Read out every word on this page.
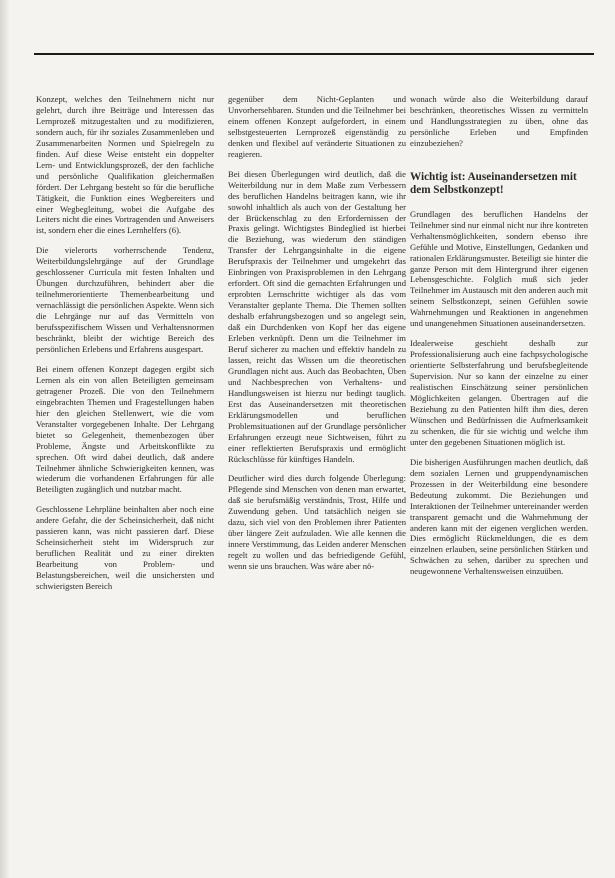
Konzept, welches den Teilnehmern nicht nur gelehrt, durch ihre Beiträge und Interessen das Lernprozeß mitzugestalten und zu modifizieren, sondern auch, für ihr soziales Zusammenleben und Zusammenarbeiten Normen und Spielregeln zu finden. Auf diese Weise entsteht ein doppelter Lern- und Entwicklungsprozeß, der den fachliche und persönliche Qualifikation gleichermaßen fördert. Der Lehrgang besteht so für die berufliche Tätigkeit, die Funktion eines Wegbereiters und einer Wegbegleitung, wobei die Aufgabe des Leiters nicht die eines Vortragenden und Anweisers ist, sondern eher die eines Lernhelfers (6).

Die vielerorts vorherrschende Tendenz, Weiterbildungslehrgänge auf der Grundlage geschlossener Curricula mit festen Inhalten und Übungen durchzuführen, behindert aber die teilnehmerorientierte Themenbearbeitung und vernachlässigt die persönlichen Aspekte. Wenn sich die Lehrgänge nur auf das Vermitteln von berufsspezifischem Wissen und Verhaltensnormen beschränkt, bleibt der wichtige Bereich des persönlichen Erlebens und Erfahrens ausgespart.

Bei einem offenen Konzept dagegen ergibt sich Lernen als ein von allen Beteiligten gemeinsam getragener Prozeß. Die von den Teilnehmern eingebrachten Themen und Fragestellungen haben hier den gleichen Stellenwert, wie die vom Veranstalter vorgegebenen Inhalte. Der Lehrgang bietet so Gelegenheit, themenbezogen über Probleme, Ängste und Arbeitskonflikte zu sprechen. Oft wird dabei deutlich, daß andere Teilnehmer ähnliche Schwierigkeiten kennen, was wiederum die vorhandenen Erfahrungen für alle Beteiligten zugänglich und nutzbar macht.

Geschlossene Lehrpläne beinhalten aber noch eine andere Gefahr, die der Scheinsicherheit, daß nicht passieren kann, was nicht passieren darf. Diese Scheinsicherheit steht im Widerspruch zur beruflichen Realität und zu einer direkten Bearbeitung von Problem- und Belastungsbereichen, weil die unsichersten und schwierigsten Bereich

gegenüber dem Nicht-Geplanten und Unvorhersehbaren. Stunden und die Teilnehmer bei einem offenen Konzept aufgefordert, in einem selbstgesteuerten Lernprozeß eigenständig zu denken und flexibel auf veränderte Situationen zu reagieren.

Bei diesen Überlegungen wird deutlich, daß die Weiterbildung nur in dem Maße zum Verbessern des beruflichen Handelns beitragen kann, wie ihr sowohl inhaltlich als auch von der Gestaltung her der Brückenschlag zu den Erfordernissen der Praxis gelingt. Wichtigstes Bindeglied ist hierbei die Beziehung, was wiederum den ständigen Transfer der Lehrgangsinhalte in die eigene Berufspraxis der Teilnehmer und umgekehrt das Einbringen von Praxisproblemen in den Lehrgang erfordert. Oft sind die gemachten Erfahrungen und erprobten Lernschritte wichtiger als das vom Veranstalter geplante Thema. Die Themen sollten deshalb erfahrungsbezogen und so angelegt sein, daß ein Durchdenken von Kopf her das eigene Erleben verknüpft. Denn um die Teilnehmer im Beruf sicherer zu machen und effektiv handeln zu lassen, reicht das Wissen um die theoretischen Grundlagen nicht aus. Auch das Beobachten, Üben und Nachbesprechen von Verhaltens- und Handlungsweisen ist hierzu nur bedingt tauglich. Erst das Auseinandersetzen mit theoretischen Erklärungsmodellen und beruflichen Problemsituationen auf der Grundlage persönlicher Erfahrungen erzeugt neue Sichtweisen, führt zu einer reflektierten Berufspraxis und ermöglicht Rückschlüsse für künftiges Handeln.

Deutlicher wird dies durch folgende Überlegung: Pflegende sind Menschen von denen man erwartet, daß sie berufsmäßig verständnis, Trost, Hilfe und Zuwendung geben. Und tatsächlich neigen sie dazu, sich viel von den Problemen ihrer Patienten über längere Zeit aufzuladen. Wie alle kennen die innere Verstimmung, das Leiden anderer Menschen regelt zu wollen und das befriedigende Gefühl, wenn sie uns brauchen. Was wäre aber nö-

wonach würde also die Weiterbildung darauf beschränken, theoretisches Wissen zu vermitteln und Handlungsstrategien zu üben, ohne das persönliche Erleben und Empfinden einzubeziehen?

Wichtig ist: Auseinandersetzen mit dem Selbstkonzept!

Grundlagen des beruflichen Handelns der Teilnehmer sind nur einmal nicht nur ihre kontreten Verhaltensmöglichkeiten, sondern ebenso ihre Gefühle und Motive, Einstellungen, Gedanken und rationalen Erklärungsmuster. Beteiligt sie hinter die ganze Person mit dem Hintergrund ihrer eigenen Lebensgeschichte. Folglich muß sich jeder Teilnehmer im Austausch mit den anderen auch mit seinem Selbstkonzept, seinen Gefühlen sowie Wahrnehmungen und Reaktionen in angenehmen und unangenehmen Situationen auseinandersetzen.

Idealerweise geschieht deshalb zur Professionalisierung auch eine fachpsychologische orientierte Selbsterfahrung und berufsbegleitende Supervision. Nur so kann der einzelne zu einer realistischen Einschätzung seiner persönlichen Möglichkeiten gelangen. Übertragen auf die Beziehung zu den Patienten hilft ihm dies, deren Wünschen und Bedürfnissen die Aufmerksamkeit zu schenken, die für sie wichtig und welche ihm unter den gegebenen Situationen möglich ist.

Die bisherigen Ausführungen machen deutlich, daß dem sozialen Lernen und gruppendynamischen Prozessen in der Weiterbildung eine besondere Bedeutung zukommt. Die Beziehungen und Interaktionen der Teilnehmer untereinander werden transparent gemacht und die Wahrnehmung der anderen kann mit der eigenen verglichen werden. Dies ermöglicht Rückmeldungen, die es dem einzelnen erlauben, seine persönlichen Stärken und Schwächen zu sehen, darüber zu sprechen und neugewonnene Verhaltensweisen einzuüben.
